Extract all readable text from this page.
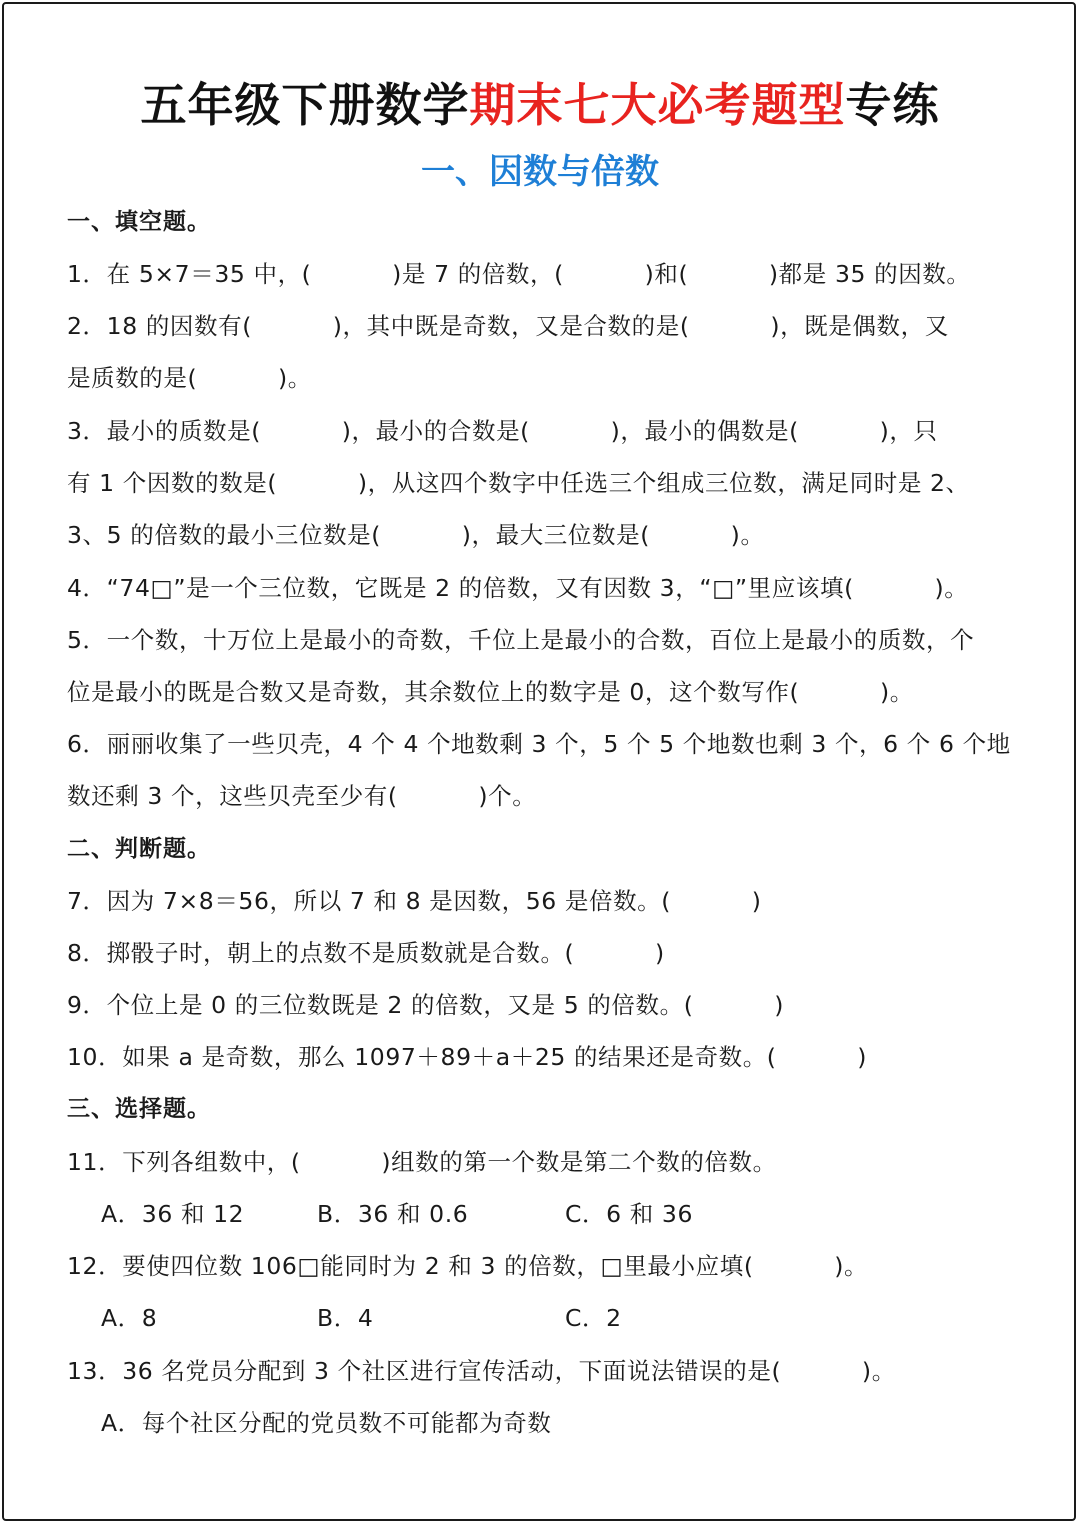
五年级下册数学期末七大必考题型专练
一、因数与倍数
一、填空题。
1．在 5×7＝35 中，(          )是 7 的倍数，(          )和(          )都是 35 的因数。
2．18 的因数有(          )，其中既是奇数，又是合数的是(          )，既是偶数，又
是质数的是(          )。
3．最小的质数是(          )，最小的合数是(          )，最小的偶数是(          )，只
有 1 个因数的数是(          )，从这四个数字中任选三个组成三位数，满足同时是 2、
3、5 的倍数的最小三位数是(          )，最大三位数是(          )。
4．“74□”是一个三位数，它既是 2 的倍数，又有因数 3，“□”里应该填(          )。
5．一个数，十万位上是最小的奇数，千位上是最小的合数，百位上是最小的质数，个
位是最小的既是合数又是奇数，其余数位上的数字是 0，这个数写作(          )。
6．丽丽收集了一些贝壳，4 个 4 个地数剩 3 个，5 个 5 个地数也剩 3 个，6 个 6 个地
数还剩 3 个，这些贝壳至少有(          )个。
二、判断题。
7．因为 7×8＝56，所以 7 和 8 是因数，56 是倍数。(          )
8．掷骰子时，朝上的点数不是质数就是合数。(          )
9．个位上是 0 的三位数既是 2 的倍数，又是 5 的倍数。(          )
10．如果 a 是奇数，那么 1097＋89＋a＋25 的结果还是奇数。(          )
三、选择题。
11．下列各组数中，(          )组数的第一个数是第二个数的倍数。
A．36 和 12	B．36 和 0.6	C．6 和 36
12．要使四位数 106□能同时为 2 和 3 的倍数，□里最小应填(          )。
A．8	B．4	C．2
13．36 名党员分配到 3 个社区进行宣传活动，下面说法错误的是(          )。
A．每个社区分配的党员数不可能都为奇数
